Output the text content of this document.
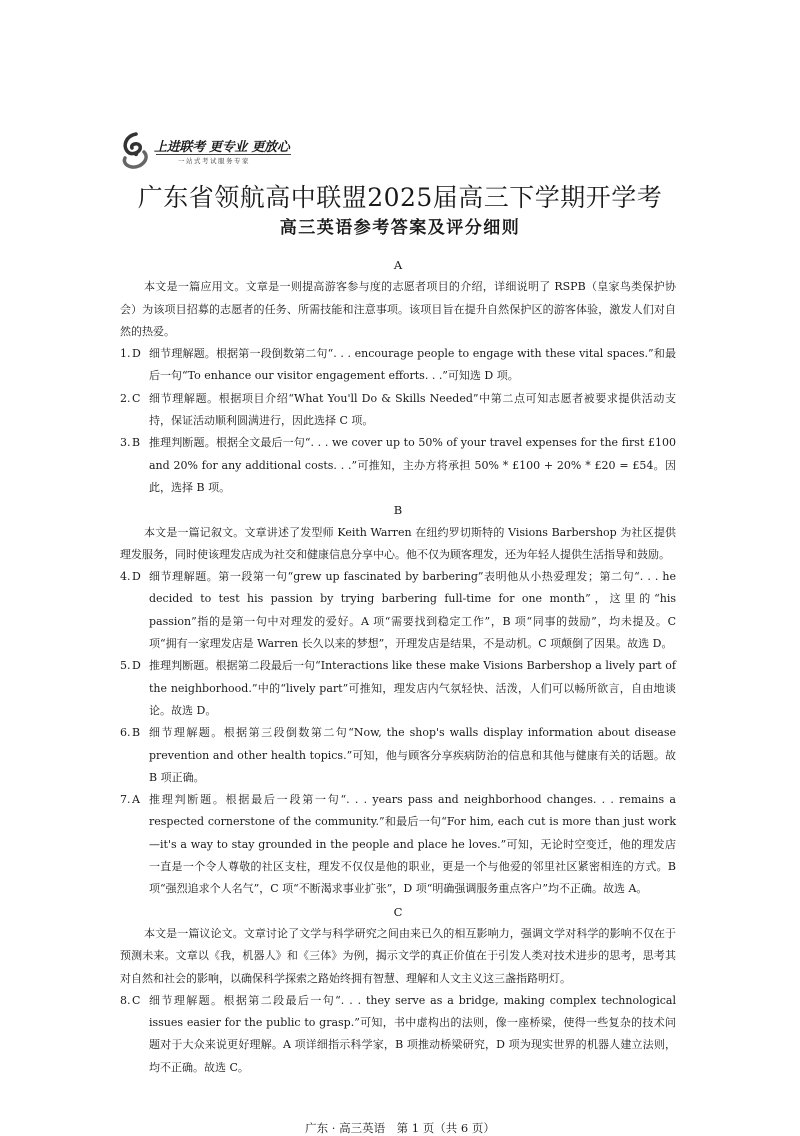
上进联考 更专业 更放心
一站式考试服务专家
广东省领航高中联盟2025届高三下学期开学考
高三英语参考答案及评分细则
A

本文是一篇应用文。文章是一则提高游客参与度的志愿者项目的介绍，详细说明了 RSPB（皇家鸟类保护协会）为该项目招募的志愿者的任务、所需技能和注意事项。该项目旨在提升自然保护区的游客体验，激发人们对自然的热爱。

1. D 细节理解题。根据第一段倒数第二句“. . . encourage people to engage with these vital spaces.”和最后一句“To enhance our visitor engagement efforts. . .”可知选 D 项。
2. C 细节理解题。根据项目介绍“What You'll Do & Skills Needed”中第二点可知志愿者被要求提供活动支持，保证活动顺利圆满进行，因此选择 C 项。
3. B 推理判断题。根据全文最后一句“. . . we cover up to 50% of your travel expenses for the first £100 and 20% for any additional costs. . .”可推知，主办方将承担 50% * £100 + 20% * £20 = £54。因此，选择 B 项。
B

本文是一篇记叙文。文章讲述了发型师 Keith Warren 在纽约罗切斯特的 Visions Barbershop 为社区提供理发服务，同时使该理发店成为社交和健康信息分享中心。他不仅为顾客理发，还为年轻人提供生活指导和鼓励。

4. D 细节理解题。第一段第一句“grew up fascinated by barbering”表明他从小热爱理发；第二句“. . . he decided to test his passion by trying barbering full-time for one month”，这里的“his passion”指的是第一句中对理发的爱好。A 项“需要找到稳定工作”，B 项“同事的鼓励”，均未提及。C 项“拥有一家理发店是 Warren 长久以来的梦想”，开理发店是结果，不是动机。C 项颠倒了因果。故选 D。
5. D 推理判断题。根据第二段最后一句“Interactions like these make Visions Barbershop a lively part of the neighborhood.”中的“lively part”可推知，理发店内气氛轻快、活泼，人们可以畅所欲言，自由地谈论。故选 D。
6. B 细节理解题。根据第三段倒数第二句“Now, the shop's walls display information about disease prevention and other health topics.”可知，他与顾客分享疾病防治的信息和其他与健康有关的话题。故 B 项正确。
7. A 推理判断题。根据最后一段第一句“. . . years pass and neighborhood changes. . . remains a respected cornerstone of the community.”和最后一句“For him, each cut is more than just work—it's a way to stay grounded in the people and place he loves.”可知，无论时空变迁，他的理发店一直是一个令人尊敬的社区支柱，理发不仅仅是他的职业，更是一个与他爱的邻里社区紧密相连的方式。B 项“强烈追求个人名气”，C 项“不断渴求事业扩张”，D 项“明确强调服务重点客户”均不正确。故选 A。
C

本文是一篇议论文。文章讨论了文学与科学研究之间由来已久的相互影响力，强调文学对科学的影响不仅在于预测未来。文章以《我，机器人》和《三体》为例，揭示文学的真正价值在于引发人类对技术进步的思考，思考其对自然和社会的影响，以确保科学探索之路始终拥有智慧、理解和人文主义这三盏指路明灯。

8. C 细节理解题。根据第二段最后一句“. . . they serve as a bridge, making complex technological issues easier for the public to grasp.”可知，书中虚构出的法则，像一座桥梁，使得一些复杂的技术问题对于大众来说更好理解。A 项详细指示科学家，B 项推动桥梁研究，D 项为现实世界的机器人建立法则，均不正确。故选 C。
广东 · 高三英语　第 1 页（共 6 页）
